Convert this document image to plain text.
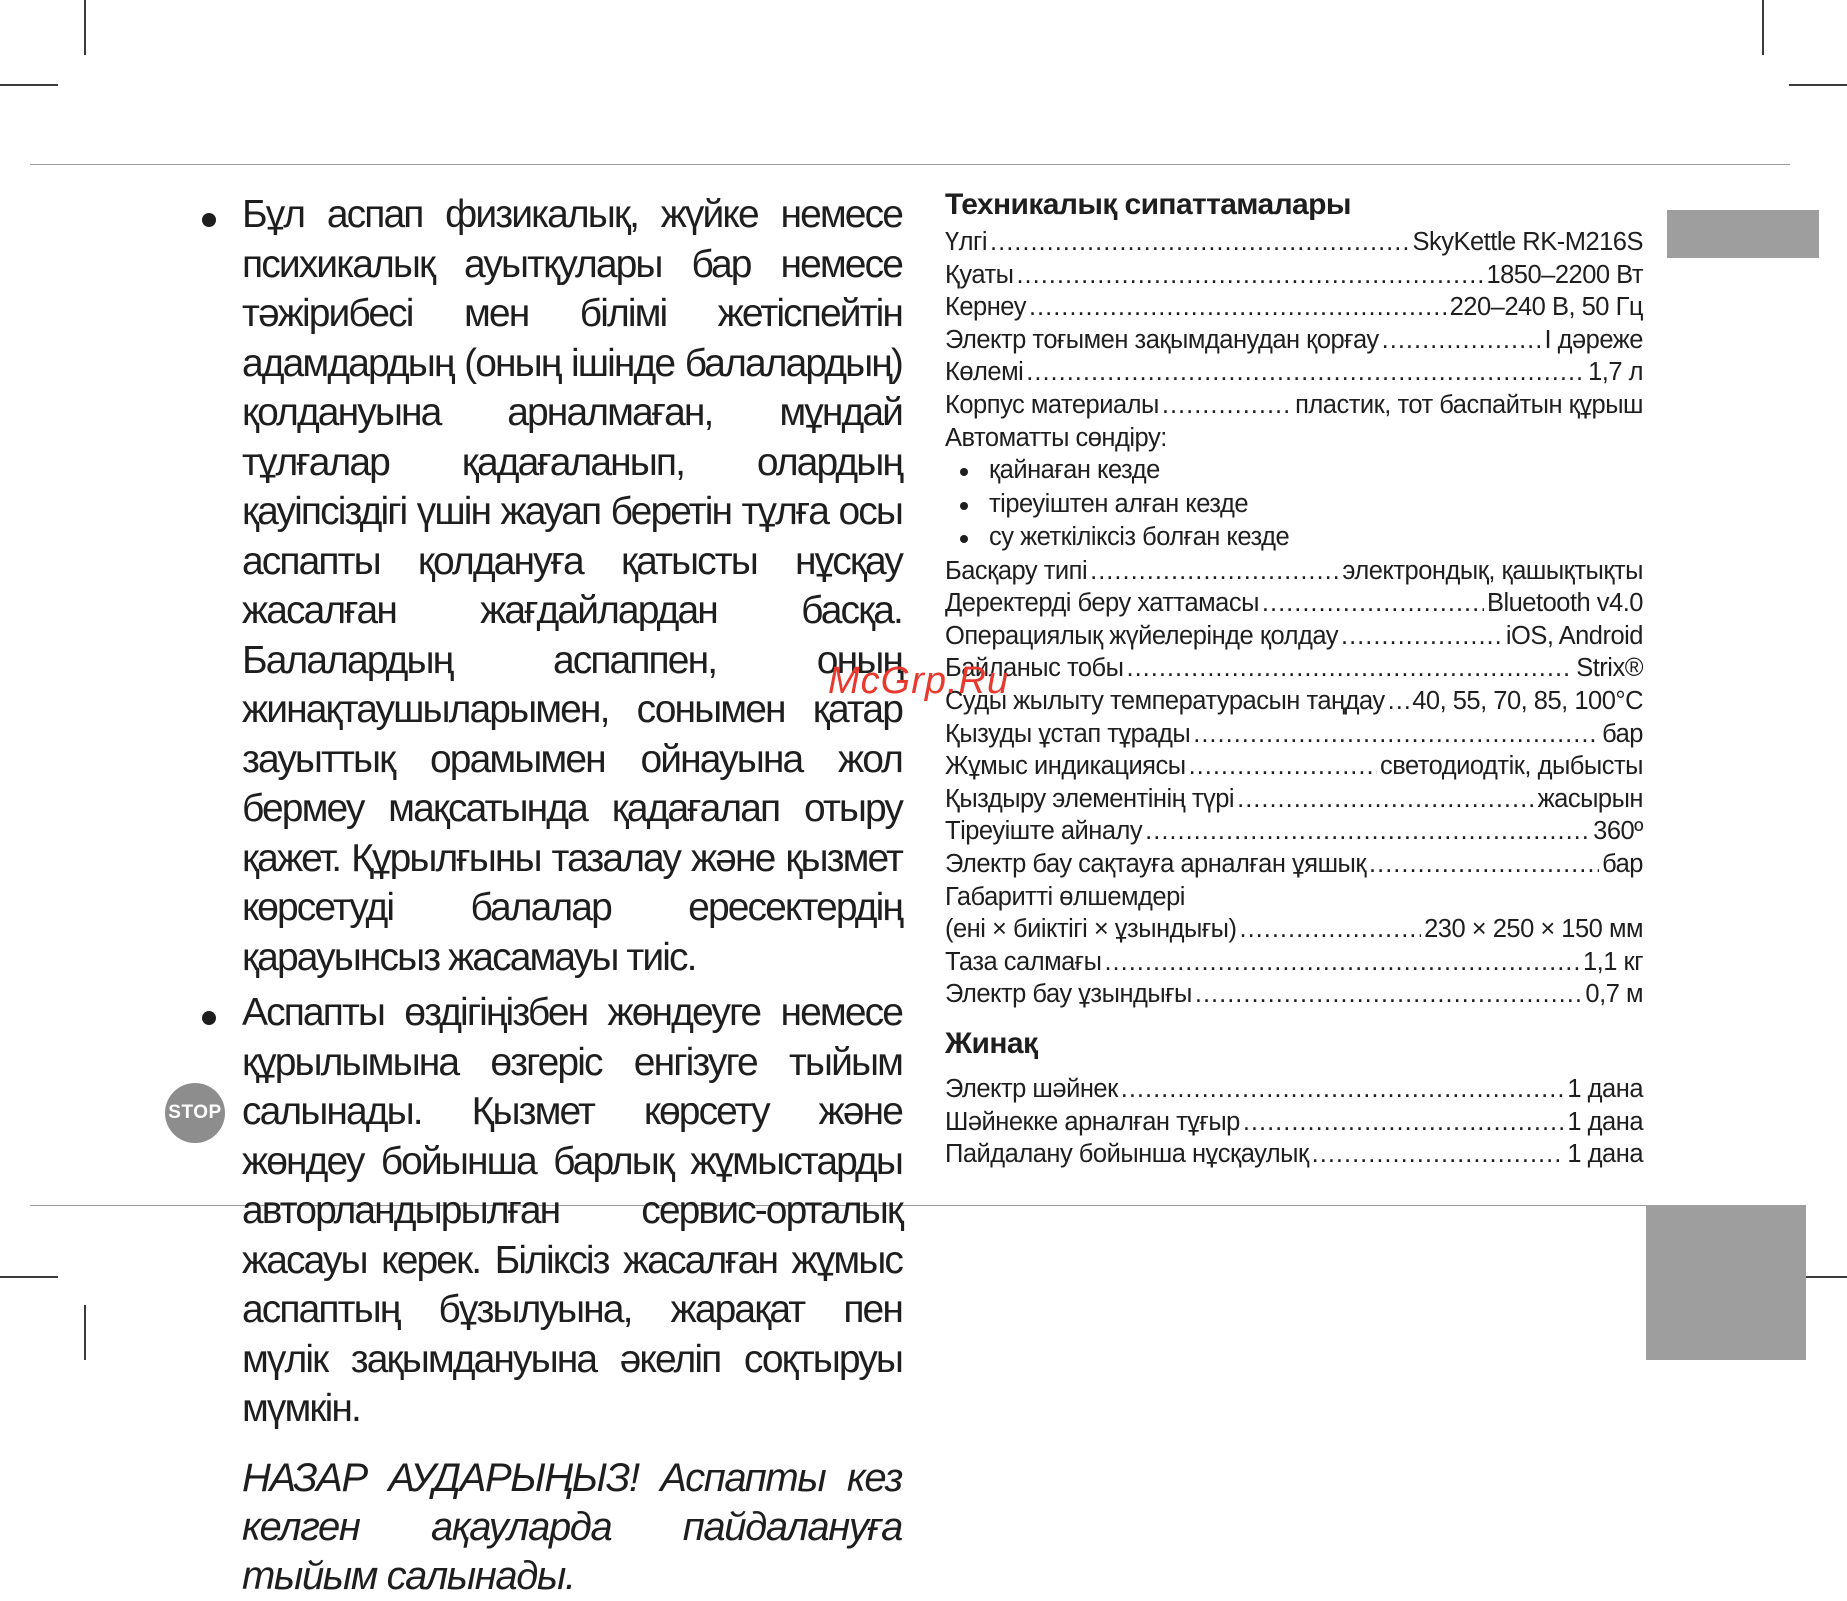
Бұл аспап физикалық, жүйке немесе психикалық ауытқулары бар немесе тәжірибесі мен білімі жетіспейтін адамдардың (оның ішінде балалардың) қолдануына арналмаған, мұндай тұлғалар қадағаланып, олардың қауіпсіздігі үшін жауап беретін тұлға осы аспапты қолдануға қатысты нұсқау жасалған жағдайлардан басқа. Балалардың аспаппен, оның жинақтаушыларымен, сонымен қатар зауыттық орамымен ойнауына жол бермеу мақсатында қадағалап отыру қажет. Құрылғыны тазалау және қызмет көрсетуді балалар ересектердің қарауынсыз жасамауы тиіс.
Аспапты өздігіңізбен жөндеуге немесе құрылымына өзгеріс енгізуге тыйым салынады. Қызмет көрсету және жөндеу бойынша барлық жұмыстарды авторландырылған сервис-орталық жасауы керек. Біліксіз жасалған жұмыс аспаптың бұзылуына, жарақат пен мүлік зақымдануына әкеліп соқтыруы мүмкін.
НАЗАР АУДАРЫҢЫЗ! Аспапты кез келген ақауларда пайдалануға тыйым салынады.
STOP
Техникалық сипаттамалары
Үлгі .....	SkyKettle RK-M216S
Қуаты .....	1850–2200 Вт
Кернеу .....	220–240 В, 50 Гц
Электр тоғымен зақымданудан қорғау .....	I дәреже
Көлемі .....	1,7 л
Корпус материалы .....	пластик, тот баспайтын құрыш
Автоматты сөндіру:
қайнаған кезде
тіреуіштен алған кезде
су жеткіліксіз болған кезде
Басқару типі .....	электрондық, қашықтықты
Деректерді беру хаттамасы .....	Bluetooth v4.0
Операциялық жүйелерінде қолдау .....	iOS, Android
Байланыс тобы .....	Strix®
Суды жылыту температурасын таңдау ..... 40, 55, 70, 85, 100°C
Қызуды ұстап тұрады .....	бар
Жұмыс индикациясы .....	светодиодтік, дыбысты
Қыздыру элементінің түрі .....	жасырын
Тіреуіште айналу .....	360º
Электр бау сақтауға арналған ұяшық .....	бар
Габаритті өлшемдері
(ені × биіктігі × ұзындығы) .....	230 × 250 × 150 мм
Таза салмағы .....	1,1 кг
Электр бау ұзындығы .....	0,7 м
Жинақ
Электр шәйнек .....	1 дана
Шәйнекке арналған тұғыр .....	1 дана
Пайдалану бойынша нұсқаулық .....	1 дана
McGrp.Ru
